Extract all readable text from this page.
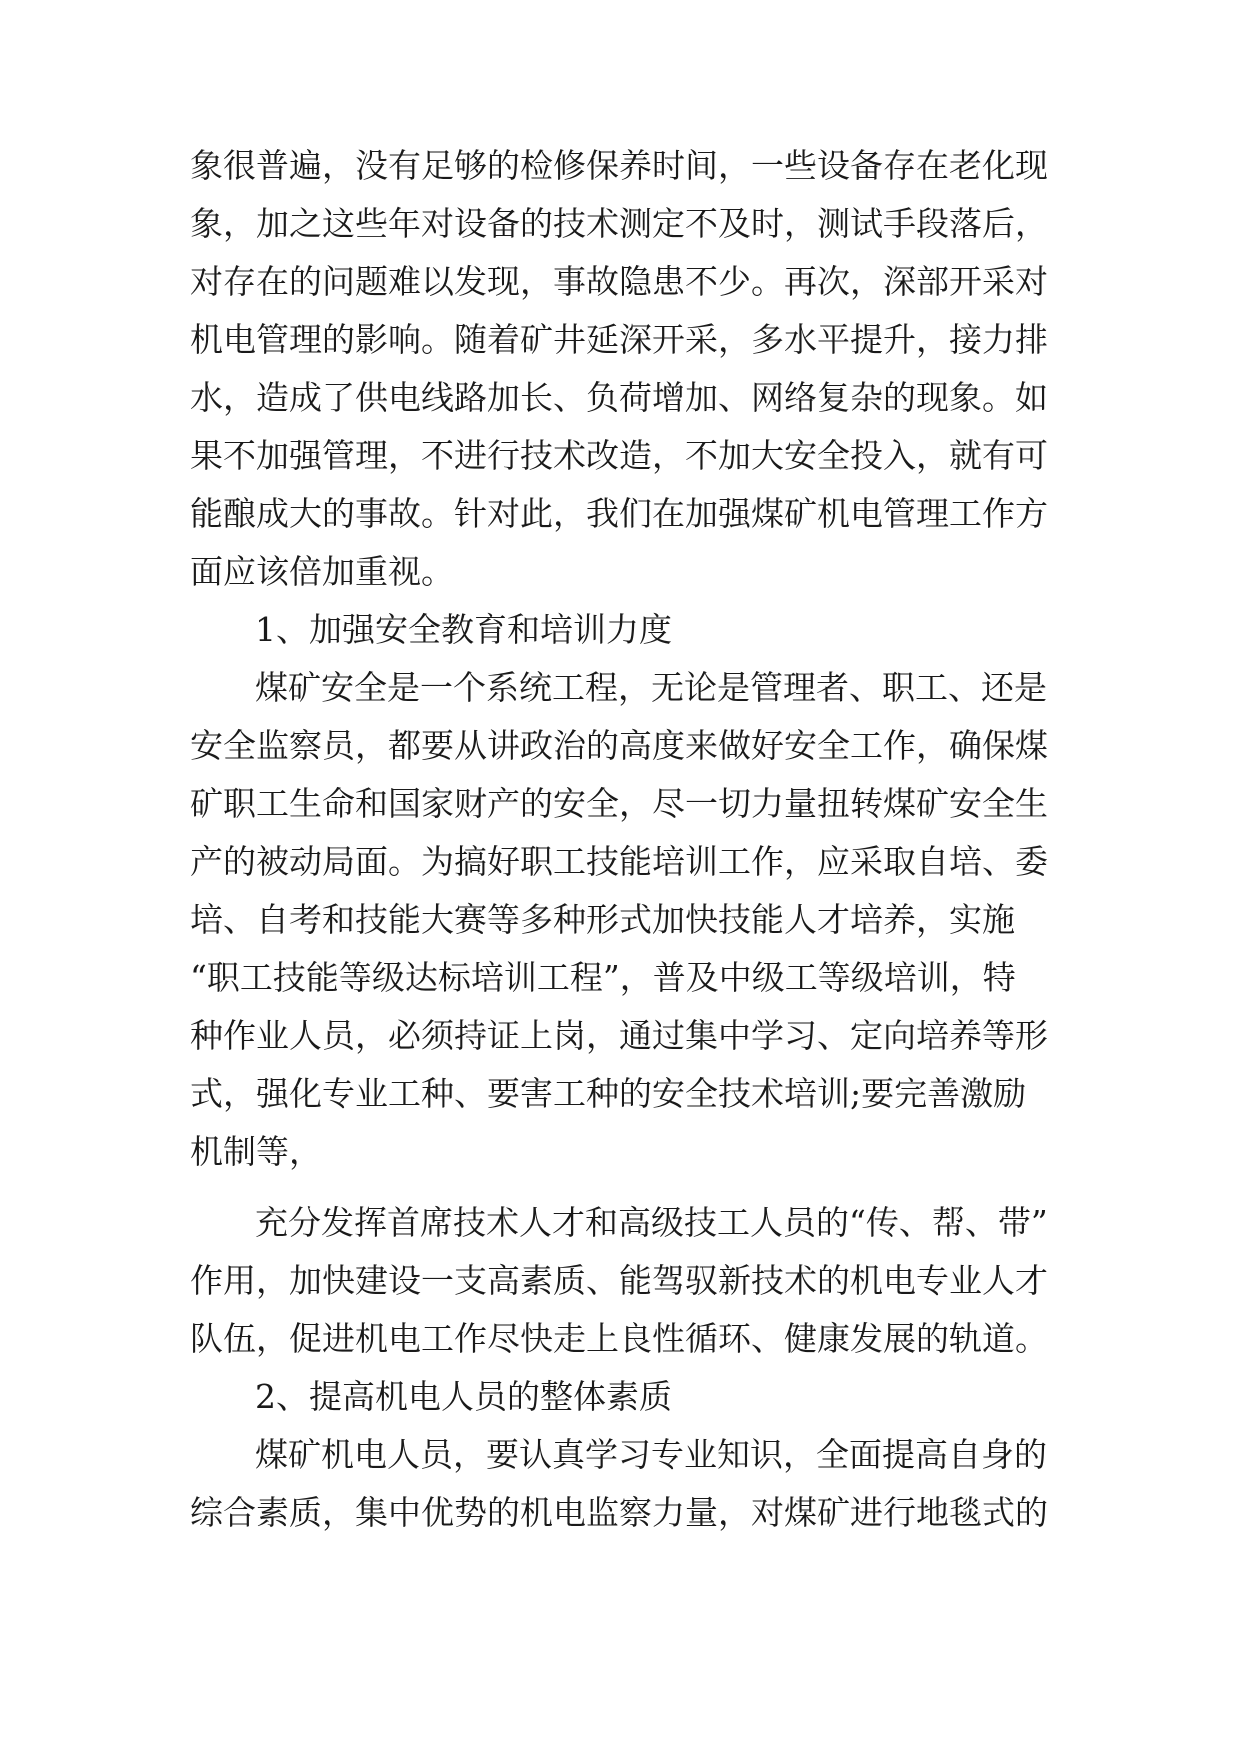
象很普遍，没有足够的检修保养时间，一些设备存在老化现

象，加之这些年对设备的技术测定不及时，测试手段落后，

对存在的问题难以发现，事故隐患不少。再次，深部开采对

机电管理的影响。随着矿井延深开采，多水平提升，接力排

水，造成了供电线路加长、负荷增加、网络复杂的现象。如

果不加强管理，不进行技术改造，不加大安全投入，就有可

能酿成大的事故。针对此，我们在加强煤矿机电管理工作方

面应该倍加重视。

1、加强安全教育和培训力度

煤矿安全是一个系统工程，无论是管理者、职工、还是

安全监察员，都要从讲政治的高度来做好安全工作，确保煤

矿职工生命和国家财产的安全，尽一切力量扭转煤矿安全生

产的被动局面。为搞好职工技能培训工作，应采取自培、委

培、自考和技能大赛等多种形式加快技能人才培养，实施

“职工技能等级达标培训工程”，普及中级工等级培训，特

种作业人员，必须持证上岗，通过集中学习、定向培养等形

式，强化专业工种、要害工种的安全技术培训;要完善激励

机制等，

充分发挥首席技术人才和高级技工人员的“传、帮、带”

作用，加快建设一支高素质、能驾驭新技术的机电专业人才

队伍，促进机电工作尽快走上良性循环、健康发展的轨道。

2、提高机电人员的整体素质

煤矿机电人员，要认真学习专业知识，全面提高自身的

综合素质，集中优势的机电监察力量，对煤矿进行地毯式的
